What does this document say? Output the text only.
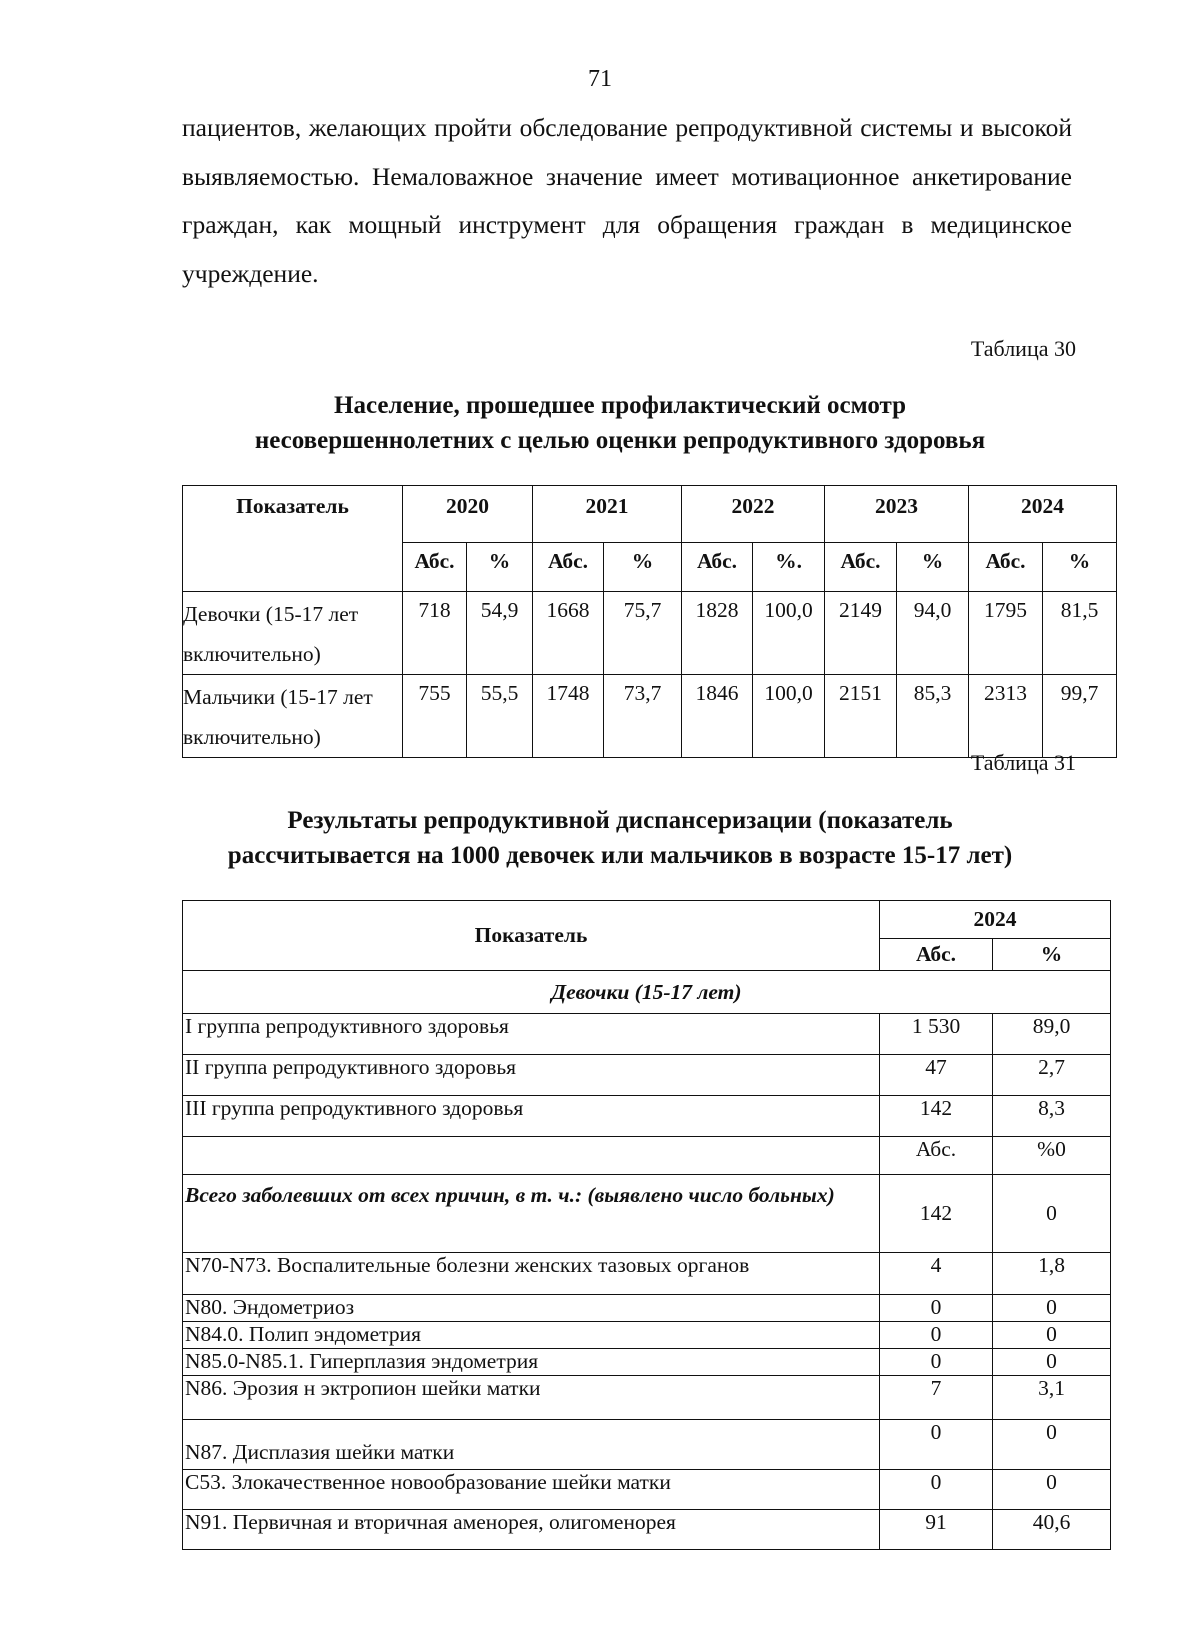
71

пациентов, желающих пройти обследование репродуктивной системы и высокой выявляемостью. Немаловажное значение имеет мотивационное анкетирование граждан, как мощный инструмент для обращения граждан в медицинское учреждение.

Таблица 30
Население, прошедшее профилактический осмотр
несовершеннолетних с целью оценки репродуктивного здоровья
Показатель	2020		2021		2022		2023		2024	
	Абс.	%	Абс.	%	Абс.	%.	Абс.	%	Абс.	%
Девочки (15-17 лет включительно)	718	54,9	1668	75,7	1828	100,0	2149	94,0	1795	81,5
Мальчики (15-17 лет включительно)	755	55,5	1748	73,7	1846	100,0	2151	85,3	2313	99,7
Таблица 31
Результаты репродуктивной диспансеризации (показатель
рассчитывается на 1000 девочек или мальчиков в возрасте 15-17 лет)
Показатель	2024	
	Абс.	%
Девочки (15-17 лет)		
I группа репродуктивного здоровья	1 530	89,0
II группа репродуктивного здоровья	47	2,7
III группа репродуктивного здоровья	142	8,3
	Абс.	%0
Всего заболевших от всех причин, в т. ч.: (выявлено число больных)	142	0
N70-N73. Воспалительные болезни женских тазовых органов	4	1,8
N80. Эндометриоз	0	0
N84.0. Полип эндометрия	0	0
N85.0-N85.1. Гиперплазия эндометрия	0	0
N86. Эрозия н эктропион шейки матки	7	3,1
N87. Дисплазия шейки матки	0	0
С53. Злокачественное новообразование шейки матки	0	0
N91. Первичная и вторичная аменорея, олигоменорея	91	40,6
